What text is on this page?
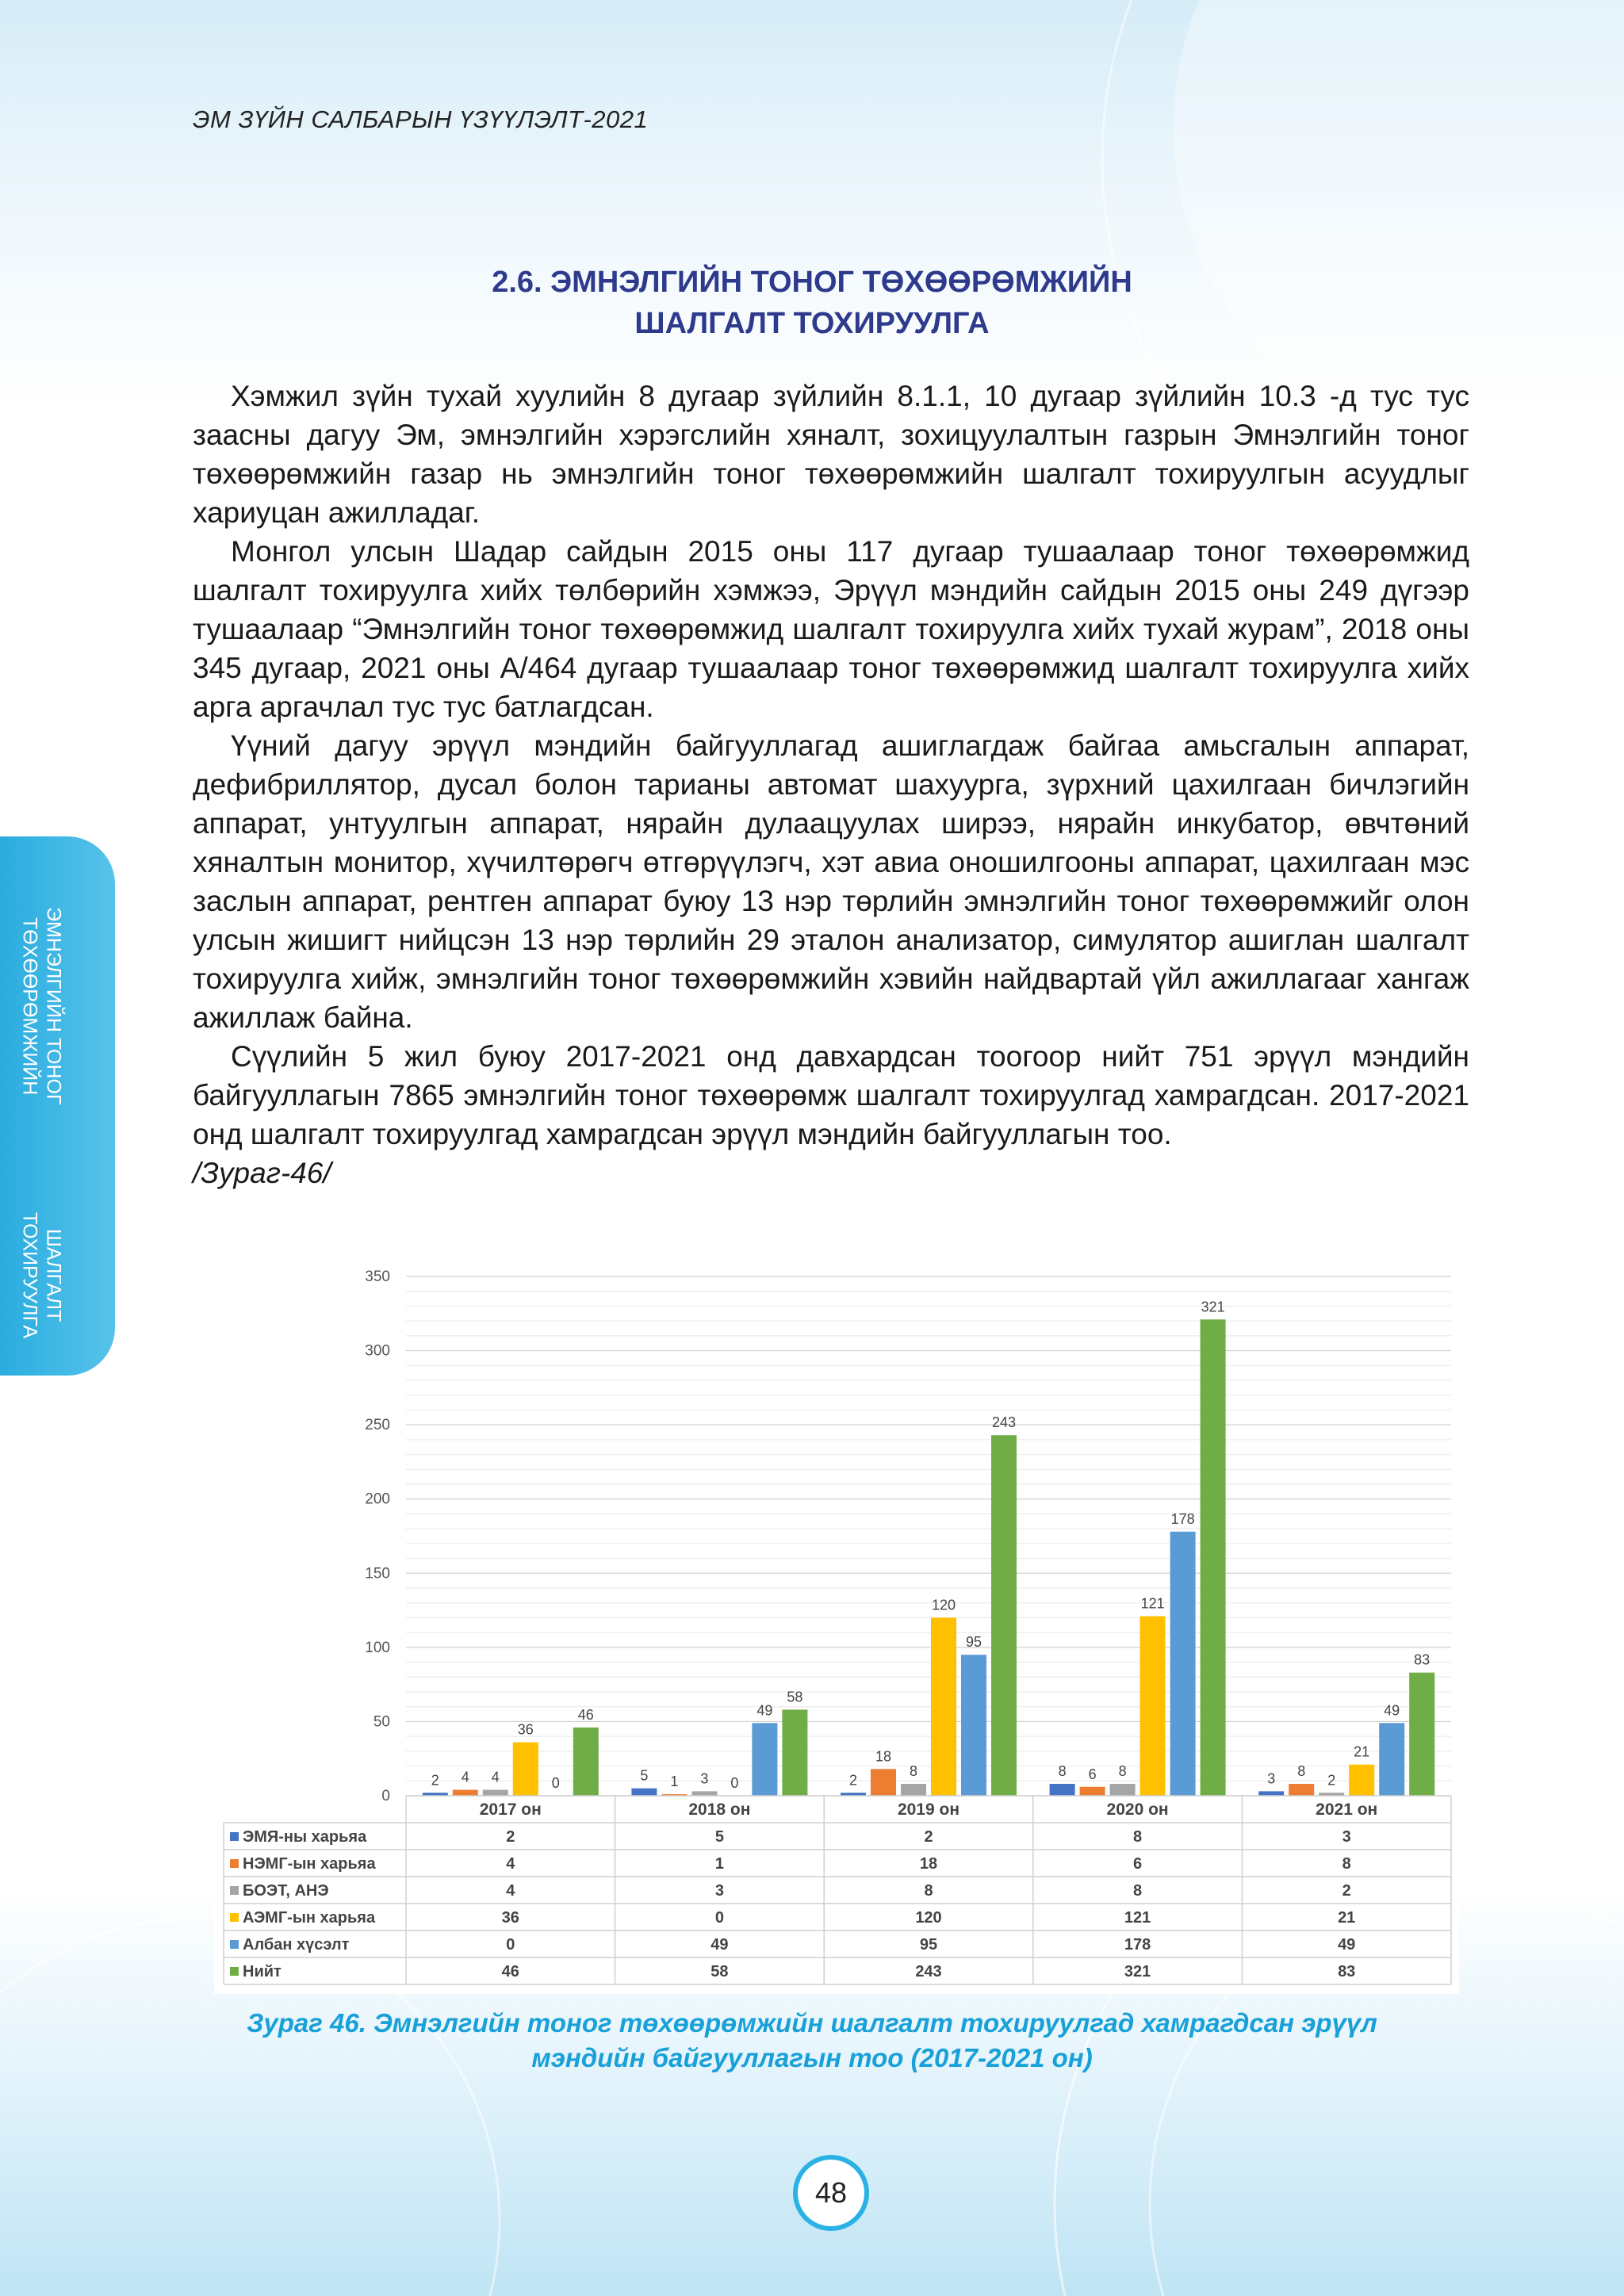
ЭМ ЗҮЙН САЛБАРЫН ҮЗҮҮЛЭЛТ-2021
2.6. ЭМНЭЛГИЙН ТОНОГ ТӨХӨӨРӨМЖИЙН
ШАЛГАЛТ ТОХИРУУЛГА

Хэмжил зүйн тухай хуулийн 8 дугаар зүйлийн 8.1.1, 10 дугаар зүйлийн 10.3 -д тус тус заасны дагуу Эм, эмнэлгийн хэрэгслийн хяналт, зохицуулалтын газрын Эмнэлгийн тоног төхөөрөмжийн газар нь эмнэлгийн тоног төхөөрөмжийн шалгалт тохируулгын асуудлыг хариуцан ажилладаг.

Монгол улсын Шадар сайдын 2015 оны 117 дугаар тушаалаар тоног төхөөрөмжид шалгалт тохируулга хийх төлбөрийн хэмжээ, Эрүүл мэндийн сайдын 2015 оны 249 дүгээр тушаалаар “Эмнэлгийн тоног төхөөрөмжид шалгалт тохируулга хийх тухай журам”, 2018 оны 345 дугаар, 2021 оны А/464 дугаар тушаалаар тоног төхөөрөмжид шалгалт тохируулга хийх арга аргачлал тус тус батлагдсан.

Үүний дагуу эрүүл мэндийн байгууллагад ашиглагдаж байгаа амьсгалын аппарат, дефибриллятор, дусал болон тарианы автомат шахуурга, зүрхний цахилгаан бичлэгийн аппарат, унтуулгын аппарат, нярайн дулаацуулах ширээ, нярайн инкубатор, өвчтөний хяналтын монитор, хүчилтөрөгч өтгөрүүлэгч, хэт авиа оношилгооны аппарат, цахилгаан мэс заслын аппарат, рентген аппарат буюу 13 нэр төрлийн эмнэлгийн тоног төхөөрөмжийг олон улсын жишигт нийцсэн 13 нэр төрлийн 29 эталон анализатор, симулятор ашиглан шалгалт тохируулга хийж, эмнэлгийн тоног төхөөрөмжийн хэвийн найдвартай үйл ажиллагааг хангаж ажиллаж байна.

Сүүлийн 5 жил буюу 2017-2021 онд давхардсан тоогоор нийт 751 эрүүл мэндийн байгууллагын 7865 эмнэлгийн тоног төхөөрөмж шалгалт тохируулгад хамрагдсан. 2017-2021 онд шалгалт тохируулгад хамрагдсан эрүүл мэндийн байгууллагын тоо.

/Зураг-46/

ЭМНЭЛГИЙН ТОНОГ ТӨХӨӨРӨМЖИЙН
ШАЛГАЛТ ТОХИРУУЛГА
0
50
100
150
200
250
300
350
2	5	2
8	3
4	1
18
6	8
4	3	8	8
2
36
0
120	121
21
0
49
95
178
49
46
58
243
321
83
2017 он	2018 он	2019 он	2020 он	2021 он
ЭМЯ-ны харьяа	2	5	2	8	3
НЭМГ-ын харьяа	4	1	18	6	8
БОЭТ, АНЭ	4	3	8	8	2
АЭМГ-ын харьяа	36	0	120	121	21
Албан хүсэлт	0	49	95	178	49
Нийт	46	58	243	321	83
Зураг 46. Эмнэлгийн тоног төхөөрөмжийн шалгалт тохируулгад хамрагдсан эрүүл
мэндийн байгууллагын тоо (2017-2021 он)
48
